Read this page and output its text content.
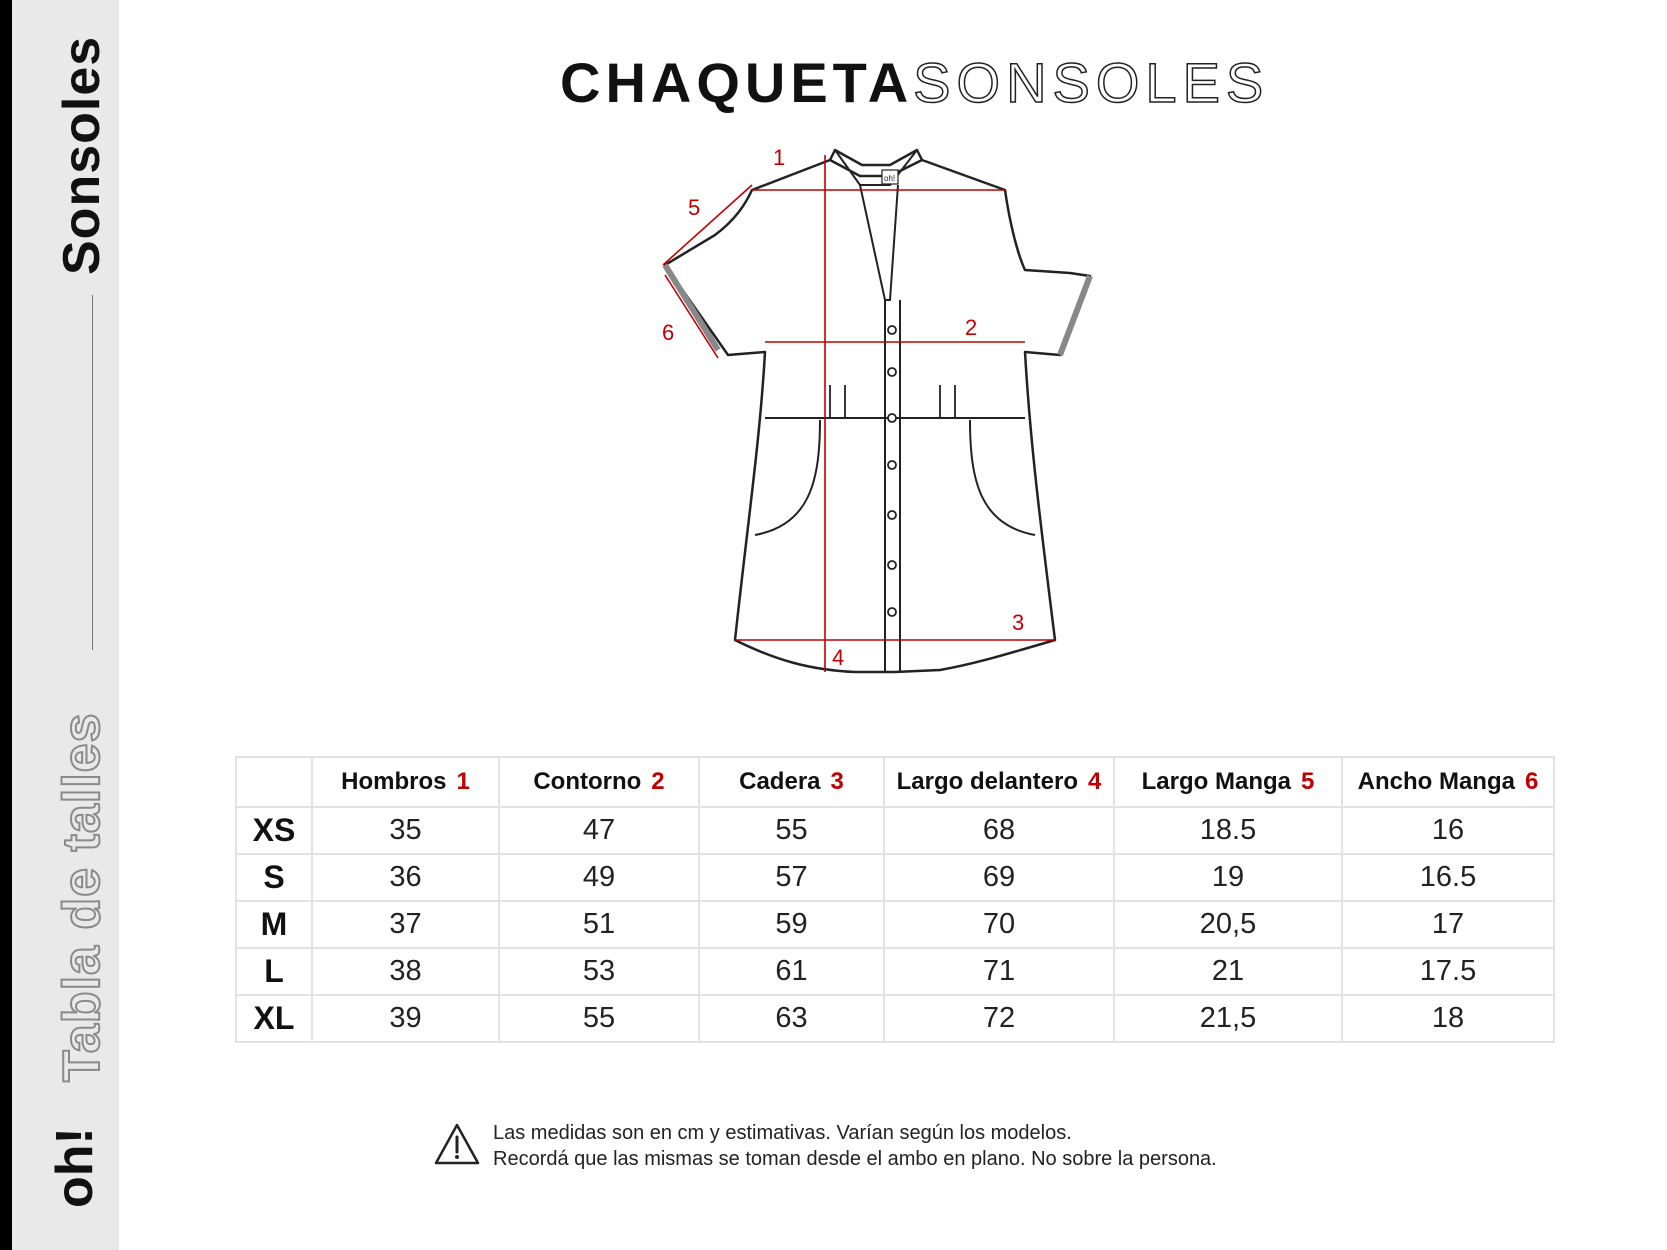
Sonsoles
Tabla de talles
oh!
CHAQUETASONSOLES
1
2
3
4
5
6
oh!
	Hombros 1	Contorno 2	Cadera 3	Largo delantero 4	Largo Manga 5	Ancho Manga 6
XS	35	47	55	68	18.5	16
S	36	49	57	69	19	16.5
M	37	51	59	70	20,5	17
L	38	53	61	71	21	17.5
XL	39	55	63	72	21,5	18
Las medidas son en cm y estimativas. Varían según los modelos.
Recordá que las mismas se toman desde el ambo en plano. No sobre la persona.
